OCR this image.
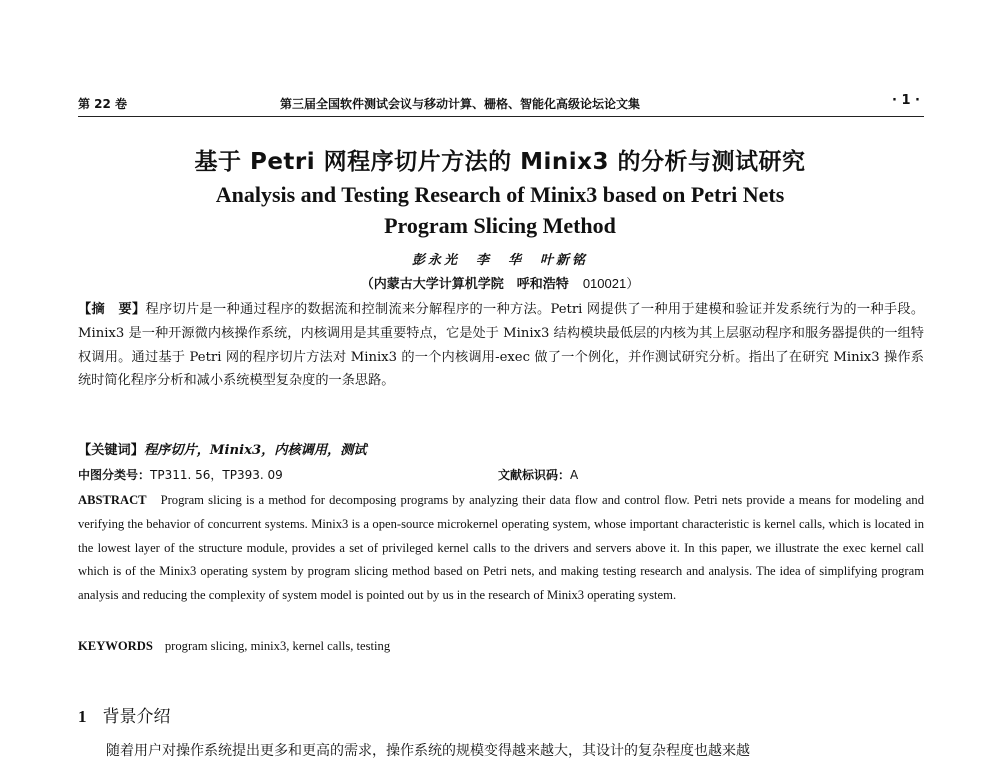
第 22 卷	第三届全国软件测试会议与移动计算、栅格、智能化高级论坛论文集	· 1 ·
基于 Petri 网程序切片方法的 Minix3 的分析与测试研究
Analysis and Testing Research of Minix3 based on Petri Nets
Program Slicing Method
彭永光　李　华　叶新铭
（内蒙古大学计算机学院　呼和浩特 010021）
【摘　要】程序切片是一种通过程序的数据流和控制流来分解程序的一种方法。Petri 网提供了一种用于建模和验证并发系统行为的一种手段。Minix3 是一种开源微内核操作系统，内核调用是其重要特点，它是处于 Minix3 结构模块最低层的内核为其上层驱动程序和服务器提供的一组特权调用。通过基于 Petri 网的程序切片方法对 Minix3 的一个内核调用-exec 做了一个例化，并作测试研究分析。指出了在研究 Minix3 操作系统时简化程序分析和减小系统模型复杂度的一条思路。
【关键词】程序切片，Minix3，内核调用，测试
中图分类号：TP311. 56，TP393. 09	文献标识码：A
ABSTRACT Program slicing is a method for decomposing programs by analyzing their data flow and control flow. Petri nets provide a means for modeling and verifying the behavior of concurrent systems. Minix3 is a open-source microkernel operating system, whose important characteristic is kernel calls, which is located in the lowest layer of the structure module, provides a set of privileged kernel calls to the drivers and servers above it. In this paper, we illustrate the exec kernel call which is of the Minix3 operating system by program slicing method based on Petri nets, and making testing research and analysis. The idea of simplifying program analysis and reducing the complexity of system model is pointed out by us in the research of Minix3 operating system.
KEYWORDS program slicing, minix3, kernel calls, testing
1 背景介绍
随着用户对操作系统提出更多和更高的需求，操作系统的规模变得越来越大，其设计的复杂程度也越来越
